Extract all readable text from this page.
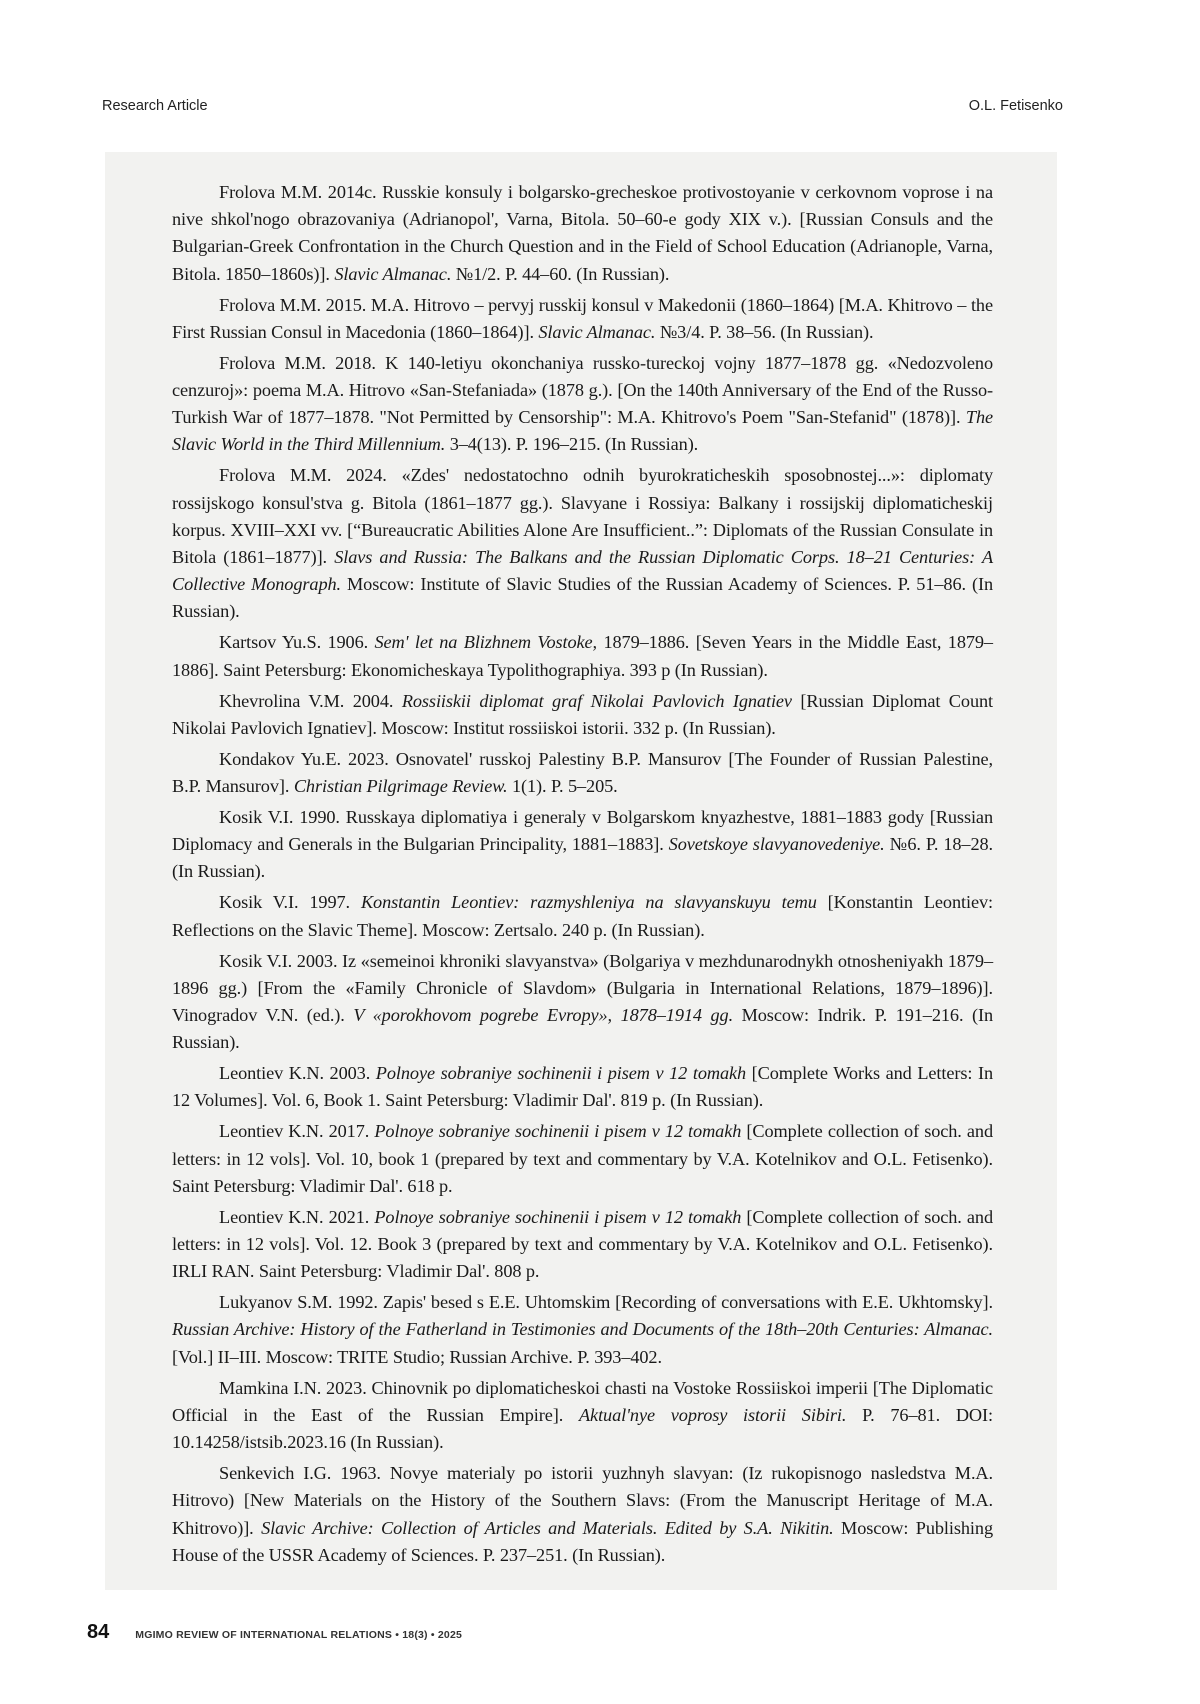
Research Article	O.L. Fetisenko

Frolova M.M. 2014c. Russkie konsuly i bolgarsko-grecheskoe protivostoyanie v cerkovnom voprose i na nive shkol'nogo obrazovaniya (Adrianopol', Varna, Bitola. 50–60-e gody XIX v.). [Russian Consuls and the Bulgarian-Greek Confrontation in the Church Question and in the Field of School Education (Adrianople, Varna, Bitola. 1850–1860s)]. Slavic Almanac. №1/2. P. 44–60. (In Russian).

Frolova M.M. 2015. M.A. Hitrovo – pervyj russkij konsul v Makedonii (1860–1864) [M.A. Khitrovo – the First Russian Consul in Macedonia (1860–1864)]. Slavic Almanac. №3/4. P. 38–56. (In Russian).

Frolova M.M. 2018. K 140-letiyu okonchaniya russko-tureckoj vojny 1877–1878 gg. «Nedozvoleno cenzuroj»: poema M.A. Hitrovo «San-Stefaniada» (1878 g.). [On the 140th Anniversary of the End of the Russo-Turkish War of 1877–1878. "Not Permitted by Censorship": M.A. Khitrovo's Poem "San-Stefanid" (1878)]. The Slavic World in the Third Millennium. 3–4(13). P. 196–215. (In Russian).

Frolova M.M. 2024. «Zdes' nedostatochno odnih byurokraticheskih sposobnostej...»: diplomaty rossijskogo konsul'stva g. Bitola (1861–1877 gg.). Slavyane i Rossiya: Balkany i rossijskij diplomaticheskij korpus. XVIII–XXI vv. [“Bureaucratic Abilities Alone Are Insufficient..”: Diplomats of the Russian Consulate in Bitola (1861–1877)]. Slavs and Russia: The Balkans and the Russian Diplomatic Corps. 18–21 Centuries: A Collective Monograph. Moscow: Institute of Slavic Studies of the Russian Academy of Sciences. P. 51–86. (In Russian).

Kartsov Yu.S. 1906. Sem' let na Blizhnem Vostoke, 1879–1886. [Seven Years in the Middle East, 1879–1886]. Saint Petersburg: Ekonomicheskaya Typolithographiya. 393 p (In Russian).

Khevrolina V.M. 2004. Rossiiskii diplomat graf Nikolai Pavlovich Ignatiev [Russian Diplomat Count Nikolai Pavlovich Ignatiev]. Moscow: Institut rossiiskoi istorii. 332 p. (In Russian).

Kondakov Yu.E. 2023. Osnovatel' russkoj Palestiny B.P. Mansurov [The Founder of Russian Palestine, B.P. Mansurov]. Christian Pilgrimage Review. 1(1). P. 5–205.

Kosik V.I. 1990. Russkaya diplomatiya i generaly v Bolgarskom knyazhestve, 1881–1883 gody [Russian Diplomacy and Generals in the Bulgarian Principality, 1881–1883]. Sovetskoye slavyanovedeniye. №6. P. 18–28. (In Russian).

Kosik V.I. 1997. Konstantin Leontiev: razmyshleniya na slavyanskuyu temu [Konstantin Leontiev: Reflections on the Slavic Theme]. Moscow: Zertsalo. 240 p. (In Russian).

Kosik V.I. 2003. Iz «semeinoi khroniki slavyanstva» (Bolgariya v mezhdunarodnykh otnosheniyakh 1879–1896 gg.) [From the «Family Chronicle of Slavdom» (Bulgaria in International Relations, 1879–1896)]. Vinogradov V.N. (ed.). V «porokhovom pogrebe Evropy», 1878–1914 gg. Moscow: Indrik. P. 191–216. (In Russian).

Leontiev K.N. 2003. Polnoye sobraniye sochinenii i pisem v 12 tomakh [Complete Works and Letters: In 12 Volumes]. Vol. 6, Book 1. Saint Petersburg: Vladimir Dal'. 819 p. (In Russian).

Leontiev K.N. 2017. Polnoye sobraniye sochinenii i pisem v 12 tomakh [Complete collection of soch. and letters: in 12 vols]. Vol. 10, book 1 (prepared by text and commentary by V.A. Kotelnikov and O.L. Fetisenko). Saint Petersburg: Vladimir Dal'. 618 p.

Leontiev K.N. 2021. Polnoye sobraniye sochinenii i pisem v 12 tomakh [Complete collection of soch. and letters: in 12 vols]. Vol. 12. Book 3 (prepared by text and commentary by V.A. Kotelnikov and O.L. Fetisenko). IRLI RAN. Saint Petersburg: Vladimir Dal'. 808 p.

Lukyanov S.M. 1992. Zapis' besed s E.E. Uhtomskim [Recording of conversations with E.E. Ukhtomsky]. Russian Archive: History of the Fatherland in Testimonies and Documents of the 18th–20th Centuries: Almanac. [Vol.] II–III. Moscow: TRITE Studio; Russian Archive. P. 393–402.

Mamkina I.N. 2023. Chinovnik po diplomaticheskoi chasti na Vostoke Rossiiskoi imperii [The Diplomatic Official in the East of the Russian Empire]. Aktual'nye voprosy istorii Sibiri. P. 76–81. DOI: 10.14258/istsib.2023.16 (In Russian).

Senkevich I.G. 1963. Novye materialy po istorii yuzhnyh slavyan: (Iz rukopisnogo nasledstva M.A. Hitrovo) [New Materials on the History of the Southern Slavs: (From the Manuscript Heritage of M.A. Khitrovo)]. Slavic Archive: Collection of Articles and Materials. Edited by S.A. Nikitin. Moscow: Publishing House of the USSR Academy of Sciences. P. 237–251. (In Russian).

84 MGIMO REVIEW OF INTERNATIONAL RELATIONS • 18(3) • 2025
